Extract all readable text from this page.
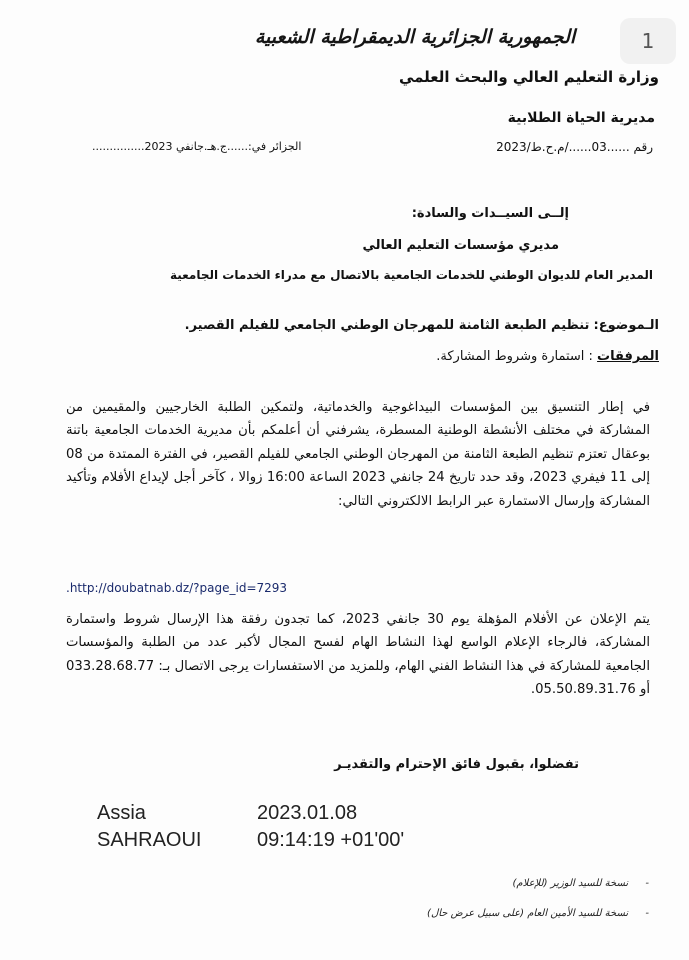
1
الجمهورية الجزائرية الديمقراطية الشعبية
وزارة التعليم العالي والبحث العلمي
مديرية الحياة الطلابية
رقم ......03....../م.ح.ط/2023
الجزائر في:......ج.هـ.جانفي 2023...............
إلــى السيــدات والسادة:
مديري مؤسسات التعليم العالي
المدير العام للديوان الوطني للخدمات الجامعية بالاتصال مع مدراء الخدمات الجامعية
الـموضوع: تنظيم الطبعة الثامنة للمهرجان الوطني الجامعي للفيلم القصير.
المرفقات : استمارة وشروط المشاركة.
في إطار التنسيق بين المؤسسات البيداغوجية والخدماتية، ولتمكين الطلبة الخارجيين والمقيمين من المشاركة في مختلف الأنشطة الوطنية المسطرة، يشرفني أن أعلمكم بأن مديرية الخدمات الجامعية باتنة بوعقال تعتزم تنظيم الطبعة الثامنة من المهرجان الوطني الجامعي للفيلم القصير، في الفترة الممتدة من 08 إلى 11 فيفري 2023، وقد حدد تاريخ 24 جانفي 2023 الساعة 16:00 زوالا ، كآخر أجل لإيداع الأفلام وتأكيد المشاركة وإرسال الاستمارة عبر الرابط الالكتروني التالي:
.http://doubatnab.dz/?page_id=7293
يتم الإعلان عن الأفلام المؤهلة يوم 30 جانفي 2023، كما تجدون رفقة هذا الإرسال شروط واستمارة المشاركة، فالرجاء الإعلام الواسع لهذا النشاط الهام لفسح المجال لأكبر عدد من الطلبة والمؤسسات الجامعية للمشاركة في هذا النشاط الفني الهام، وللمزيد من الاستفسارات يرجى الاتصال بـ: 033.28.68.77 أو 05.50.89.31.76.
تفضلوا، بقبول فائق الإحترام والتقديـر
Assia
SAHRAOUI
2023.01.08
09:14:19 +01'00'
- نسخة للسيد الوزير (للإعلام)
- نسخة للسيد الأمين العام (على سبيل عرض حال)
